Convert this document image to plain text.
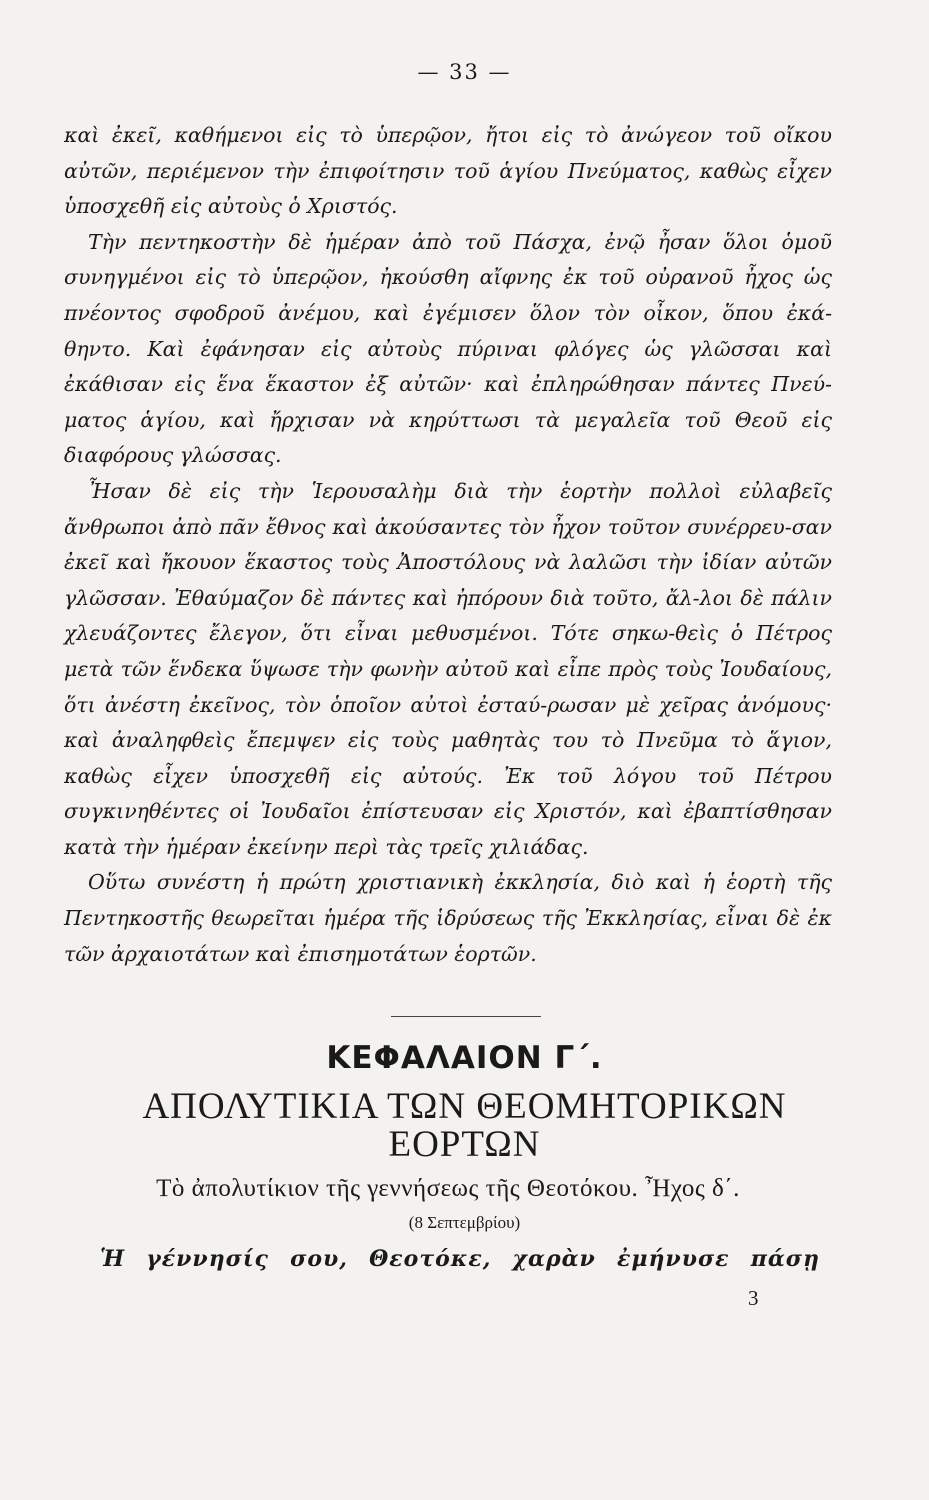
— 33 —

καὶ ἐκεῖ, καθήμενοι εἰς τὸ ὑπερῷον, ἤτοι εἰς τὸ ἀνώγεον τοῦ οἴκου αὐτῶν, περιέμενον τὴν ἐπιφοίτησιν τοῦ ἁγίου Πνεύματος, καθὼς εἶχεν ὑποσχεθῆ εἰς αὐτοὺς ὁ Χριστός.

Τὴν πεντηκοστὴν δὲ ἡμέραν ἀπὸ τοῦ Πάσχα, ἐνῷ ἦσαν ὅλοι ὁμοῦ συνηγμένοι εἰς τὸ ὑπερῷον, ἠκούσθη αἴφνης ἐκ τοῦ οὐρανοῦ ἦχος ὡς πνέοντος σφοδροῦ ἀνέμου, καὶ ἐγέμισεν ὅλον τὸν οἶκον, ὅπου ἐκά-θηντο. Καὶ ἐφάνησαν εἰς αὐτοὺς πύριναι φλόγες ὡς γλῶσσαι καὶ ἐκάθισαν εἰς ἕνα ἕκαστον ἐξ αὐτῶν· καὶ ἐπληρώθησαν πάντες Πνεύ-ματος ἁγίου, καὶ ἤρχισαν νὰ κηρύττωσι τὰ μεγαλεῖα τοῦ Θεοῦ εἰς διαφόρους γλώσσας.

Ἦσαν δὲ εἰς τὴν Ἱερουσαλὴμ διὰ τὴν ἑορτὴν πολλοὶ εὐλαβεῖς ἄνθρωποι ἀπὸ πᾶν ἔθνος καὶ ἀκούσαντες τὸν ἦχον τοῦτον συνέρρευ-σαν ἐκεῖ καὶ ἤκουον ἕκαστος τοὺς Ἀποστόλους νὰ λαλῶσι τὴν ἰδίαν αὐτῶν γλῶσσαν. Ἐθαύμαζον δὲ πάντες καὶ ἠπόρουν διὰ τοῦτο, ἄλ-λοι δὲ πάλιν χλευάζοντες ἔλεγον, ὅτι εἶναι μεθυσμένοι. Τότε σηκω-θεὶς ὁ Πέτρος μετὰ τῶν ἕνδεκα ὕψωσε τὴν φωνὴν αὐτοῦ καὶ εἶπε πρὸς τοὺς Ἰουδαίους, ὅτι ἀνέστη ἐκεῖνος, τὸν ὁποῖον αὐτοὶ ἐσταύ-ρωσαν μὲ χεῖρας ἀνόμους· καὶ ἀναληφθεὶς ἔπεμψεν εἰς τοὺς μαθητὰς του τὸ Πνεῦμα τὸ ἅγιον, καθὼς εἶχεν ὑποσχεθῆ εἰς αὐτούς. Ἐκ τοῦ λόγου τοῦ Πέτρου συγκινηθέντες οἱ Ἰουδαῖοι ἐπίστευσαν εἰς Χριστόν, καὶ ἐβαπτίσθησαν κατὰ τὴν ἡμέραν ἐκείνην περὶ τὰς τρεῖς χιλιάδας.

Οὕτω συνέστη ἡ πρώτη χριστιανικὴ ἐκκλησία, διὸ καὶ ἡ ἑορτὴ τῆς Πεντηκοστῆς θεωρεῖται ἡμέρα τῆς ἱδρύσεως τῆς Ἐκκλησίας, εἶναι δὲ ἐκ τῶν ἀρχαιοτάτων καὶ ἐπισημοτάτων ἑορτῶν.

ΚΕΦΑΛΑΙΟΝ Γ΄.
ΑΠΟΛΥΤΙΚΙΑ ΤΩΝ ΘΕΟΜΗΤΟΡΙΚΩΝ
ΕΟΡΤΩΝ
Τὸ ἀπολυτίκιον τῆς γεννήσεως τῆς Θεοτόκου. Ἦχος δ΄.
(8 Σεπτεμβρίου)
Ἡ γέννησίς σου, Θεοτόκε, χαρὰν ἐμήνυσε πάσῃ
3
